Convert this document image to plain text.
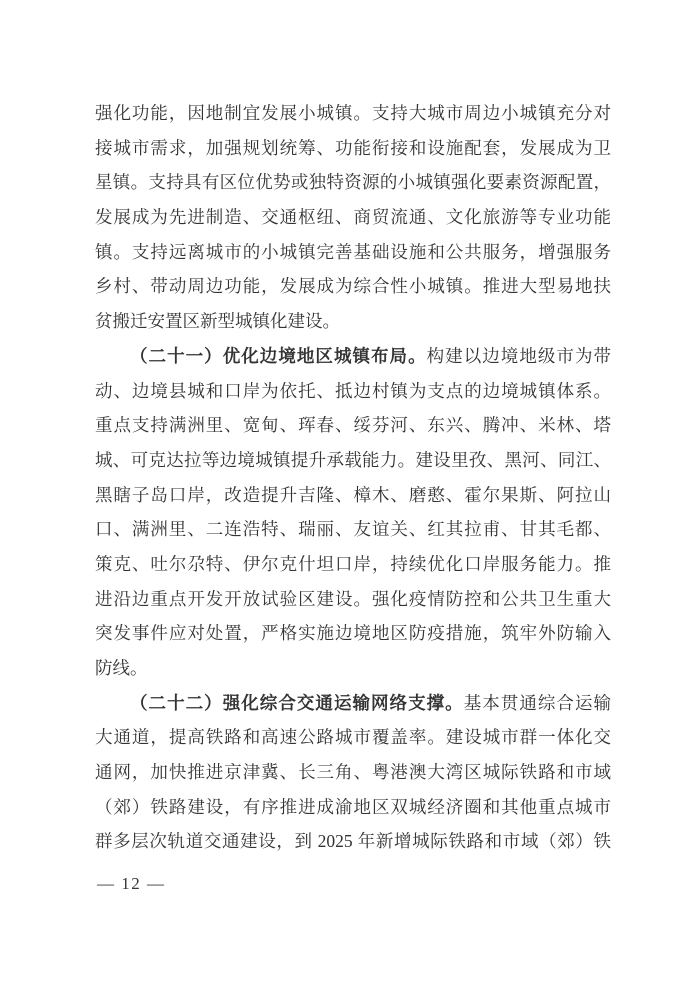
强化功能，因地制宜发展小城镇。支持大城市周边小城镇充分对
接城市需求，加强规划统筹、功能衔接和设施配套，发展成为卫
星镇。支持具有区位优势或独特资源的小城镇强化要素资源配置，
发展成为先进制造、交通枢纽、商贸流通、文化旅游等专业功能
镇。支持远离城市的小城镇完善基础设施和公共服务，增强服务
乡村、带动周边功能，发展成为综合性小城镇。推进大型易地扶
贫搬迁安置区新型城镇化建设。
（二十一）优化边境地区城镇布局。构建以边境地级市为带
动、边境县城和口岸为依托、抵边村镇为支点的边境城镇体系。
重点支持满洲里、宽甸、珲春、绥芬河、东兴、腾冲、米林、塔
城、可克达拉等边境城镇提升承载能力。建设里孜、黑河、同江、
黑瞎子岛口岸，改造提升吉隆、樟木、磨憨、霍尔果斯、阿拉山
口、满洲里、二连浩特、瑞丽、友谊关、红其拉甫、甘其毛都、
策克、吐尔尕特、伊尔克什坦口岸，持续优化口岸服务能力。推
进沿边重点开发开放试验区建设。强化疫情防控和公共卫生重大
突发事件应对处置，严格实施边境地区防疫措施，筑牢外防输入
防线。
（二十二）强化综合交通运输网络支撑。基本贯通综合运输
大通道，提高铁路和高速公路城市覆盖率。建设城市群一体化交
通网，加快推进京津冀、长三角、粤港澳大湾区城际铁路和市域
（郊）铁路建设，有序推进成渝地区双城经济圈和其他重点城市
群多层次轨道交通建设，到 2025 年新增城际铁路和市域（郊）铁
— 12 —
